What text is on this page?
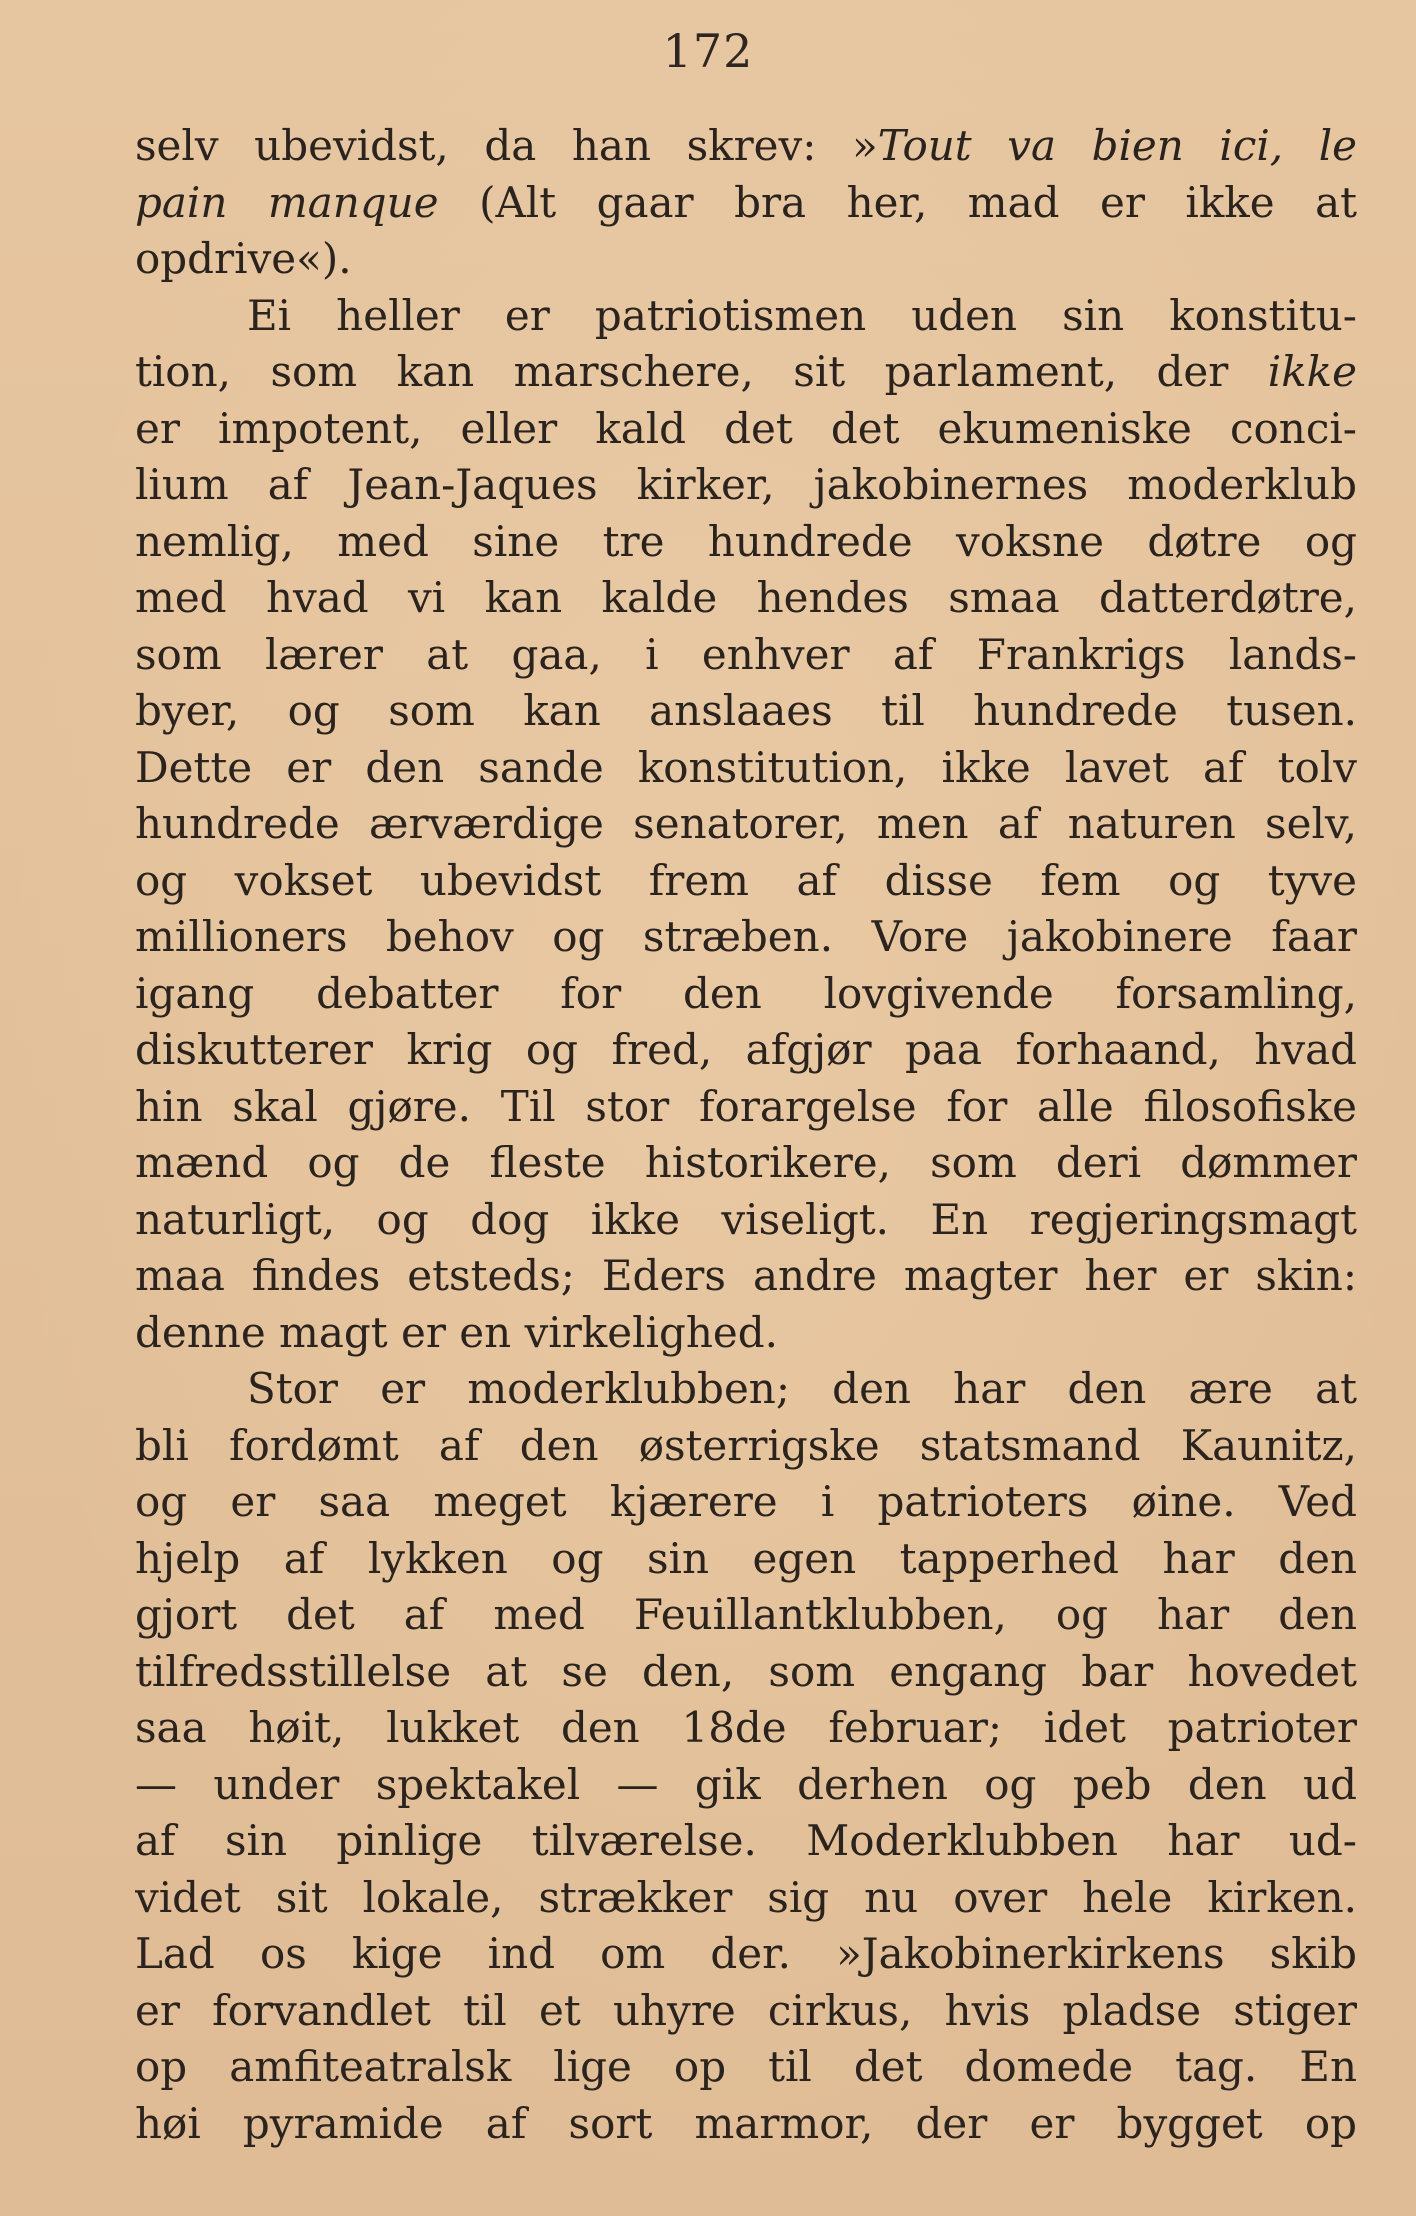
172
selv ubevidst, da han skrev: »Tout va bien ici, le
pain manque (Alt gaar bra her, mad er ikke at
opdrive«).
Ei heller er patriotismen uden sin konstitu-
tion, som kan marschere, sit parlament, der ikke
er impotent, eller kald det det ekumeniske conci-
lium af Jean-Jaques kirker, jakobinernes moderklub
nemlig, med sine tre hundrede voksne døtre og
med hvad vi kan kalde hendes smaa datterdøtre,
som lærer at gaa, i enhver af Frankrigs lands-
byer, og som kan anslaaes til hundrede tusen.
Dette er den sande konstitution, ikke lavet af tolv
hundrede ærværdige senatorer, men af naturen selv,
og vokset ubevidst frem af disse fem og tyve
millioners behov og stræben. Vore jakobinere faar
igang debatter for den lovgivende forsamling,
diskutterer krig og fred, afgjør paa forhaand, hvad
hin skal gjøre. Til stor forargelse for alle filosofiske
mænd og de fleste historikere, som deri dømmer
naturligt, og dog ikke viseligt. En regjeringsmagt
maa findes etsteds; Eders andre magter her er skin:
denne magt er en virkelighed.
Stor er moderklubben; den har den ære at
bli fordømt af den østerrigske statsmand Kaunitz,
og er saa meget kjærere i patrioters øine. Ved
hjelp af lykken og sin egen tapperhed har den
gjort det af med Feuillantklubben, og har den
tilfredsstillelse at se den, som engang bar hovedet
saa høit, lukket den 18de februar; idet patrioter
— under spektakel — gik derhen og peb den ud
af sin pinlige tilværelse. Moderklubben har ud-
videt sit lokale, strækker sig nu over hele kirken.
Lad os kige ind om der. »Jakobinerkirkens skib
er forvandlet til et uhyre cirkus, hvis pladse stiger
op amfiteatralsk lige op til det domede tag. En
høi pyramide af sort marmor, der er bygget op
